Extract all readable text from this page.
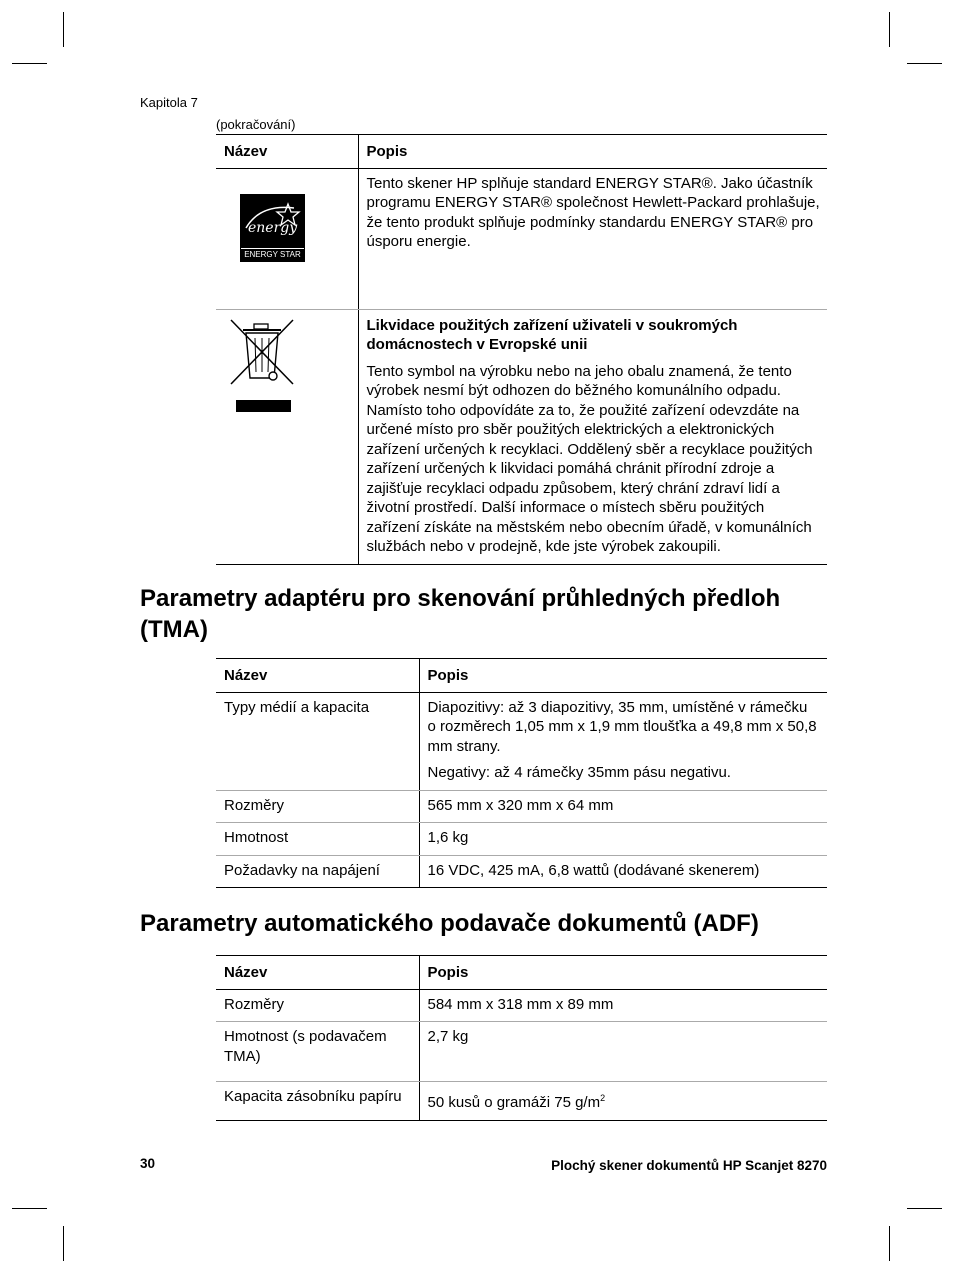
Kapitola 7
(pokračování)
Název	Popis

energy
ENERGY STAR	Tento skener HP splňuje standard ENERGY STAR®. Jako účastník programu ENERGY STAR® společnost Hewlett-Packard prohlašuje, že tento produkt splňuje podmínky standardu ENERGY STAR® pro úsporu energie.

Likvidace použitých zařízení uživateli v soukromých domácnostech v Evropské unii

Tento symbol na výrobku nebo na jeho obalu znamená, že tento výrobek nesmí být odhozen do běžného komunálního odpadu. Namísto toho odpovídáte za to, že použité zařízení odevzdáte na určené místo pro sběr použitých elektrických a elektronických zařízení určených k recyklaci. Oddělený sběr a recyklace použitých zařízení určených k likvidaci pomáhá chránit přírodní zdroje a zajišťuje recyklaci odpadu způsobem, který chrání zdraví lidí a životní prostředí. Další informace o místech sběru použitých zařízení získáte na městském nebo obecním úřadě, v komunálních službách nebo v prodejně, kde jste výrobek zakoupili.

Parametry adaptéru pro skenování průhledných předloh (TMA)
Název	Popis
Typy médií a kapacita	Diapozitivy: až 3 diapozitivy, 35 mm, umístěné v rámečku o rozměrech 1,05 mm x 1,9 mm tloušťka a 49,8 mm x 50,8 mm strany.

Negativy: až 4 rámečky 35mm pásu negativu.

Rozměry	565 mm x 320 mm x 64 mm
Hmotnost	1,6 kg
Požadavky na napájení	16 VDC, 425 mA, 6,8 wattů (dodávané skenerem)
Parametry automatického podavače dokumentů (ADF)
Název	Popis
Rozměry	584 mm x 318 mm x 89 mm
Hmotnost (s podavačem TMA)	2,7 kg
Kapacita zásobníku papíru	50 kusů o gramáži 75 $g/m^2$
30	Plochý skener dokumentů HP Scanjet 8270
